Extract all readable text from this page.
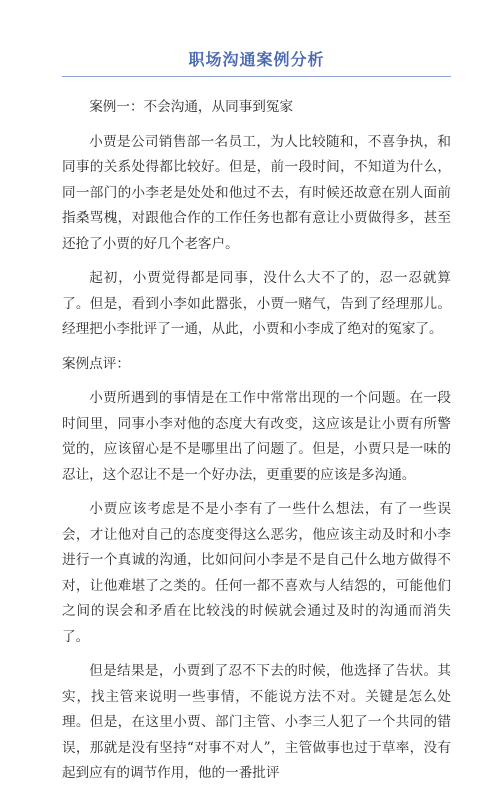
职场沟通案例分析

案例一：不会沟通，从同事到冤家

小贾是公司销售部一名员工，为人比较随和，不喜争执，和同事的关系处得都比较好。但是，前一段时间，不知道为什么，同一部门的小李老是处处和他过不去，有时候还故意在别人面前指桑骂槐，对跟他合作的工作任务也都有意让小贾做得多，甚至还抢了小贾的好几个老客户。

起初，小贾觉得都是同事，没什么大不了的，忍一忍就算了。但是，看到小李如此嚣张，小贾一赌气，告到了经理那儿。经理把小李批评了一通，从此，小贾和小李成了绝对的冤家了。

案例点评：

小贾所遇到的事情是在工作中常常出现的一个问题。在一段时间里，同事小李对他的态度大有改变，这应该是让小贾有所警觉的，应该留心是不是哪里出了问题了。但是，小贾只是一味的忍让，这个忍让不是一个好办法，更重要的应该是多沟通。

小贾应该考虑是不是小李有了一些什么想法，有了一些误会，才让他对自己的态度变得这么恶劣，他应该主动及时和小李进行一个真诚的沟通，比如问问小李是不是自己什么地方做得不对，让他难堪了之类的。任何一都不喜欢与人结怨的，可能他们之间的误会和矛盾在比较浅的时候就会通过及时的沟通而消失了。

但是结果是，小贾到了忍不下去的时候，他选择了告状。其实，找主管来说明一些事情，不能说方法不对。关键是怎么处理。但是，在这里小贾、部门主管、小李三人犯了一个共同的错误，那就是没有坚持“对事不对人”，主管做事也过于草率，没有起到应有的调节作用，他的一番批评
